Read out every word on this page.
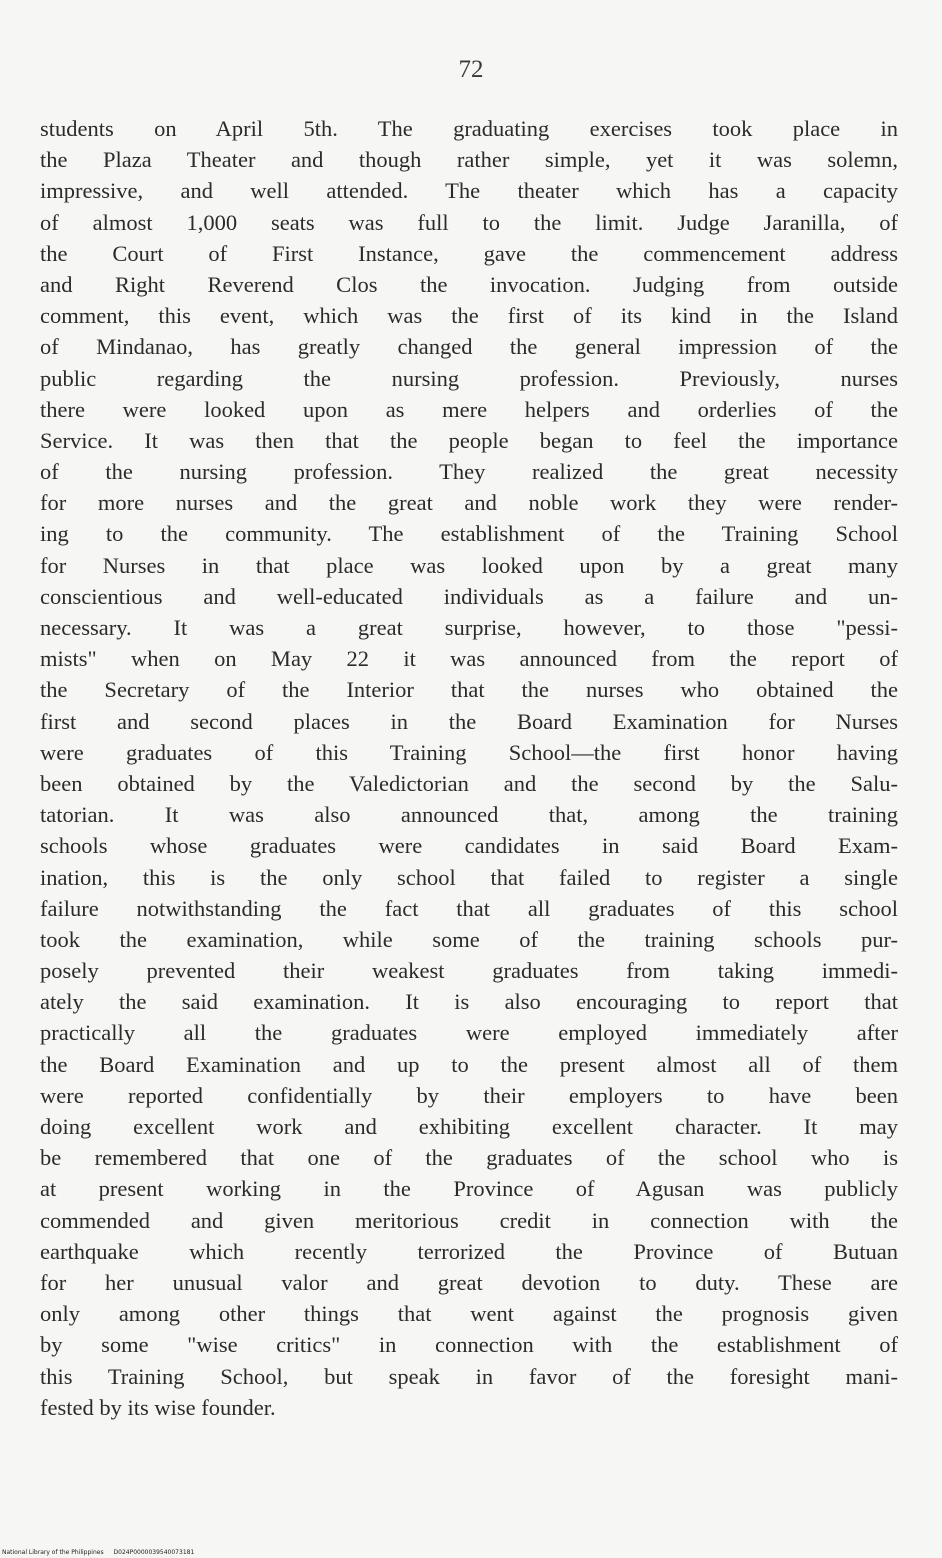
72
students on April 5th. The graduating exercises took place in
the Plaza Theater and though rather simple, yet it was solemn,
impressive, and well attended. The theater which has a capacity
of almost 1,000 seats was full to the limit. Judge Jaranilla, of
the Court of First Instance, gave the commencement address
and Right Reverend Clos the invocation. Judging from outside
comment, this event, which was the first of its kind in the Island
of Mindanao, has greatly changed the general impression of the
public regarding the nursing profession. Previously, nurses
there were looked upon as mere helpers and orderlies of the
Service. It was then that the people began to feel the importance
of the nursing profession. They realized the great necessity
for more nurses and the great and noble work they were render-
ing to the community. The establishment of the Training School
for Nurses in that place was looked upon by a great many
conscientious and well-educated individuals as a failure and un-
necessary. It was a great surprise, however, to those "pessi-
mists" when on May 22 it was announced from the report of
the Secretary of the Interior that the nurses who obtained the
first and second places in the Board Examination for Nurses
were graduates of this Training School—the first honor having
been obtained by the Valedictorian and the second by the Salu-
tatorian. It was also announced that, among the training
schools whose graduates were candidates in said Board Exam-
ination, this is the only school that failed to register a single
failure notwithstanding the fact that all graduates of this school
took the examination, while some of the training schools pur-
posely prevented their weakest graduates from taking immedi-
ately the said examination. It is also encouraging to report that
practically all the graduates were employed immediately after
the Board Examination and up to the present almost all of them
were reported confidentially by their employers to have been
doing excellent work and exhibiting excellent character. It may
be remembered that one of the graduates of the school who is
at present working in the Province of Agusan was publicly
commended and given meritorious credit in connection with the
earthquake which recently terrorized the Province of Butuan
for her unusual valor and great devotion to duty. These are
only among other things that went against the prognosis given
by some "wise critics" in connection with the establishment of
this Training School, but speak in favor of the foresight mani-
fested by its wise founder.
National Library of the Philippines D024P0000039540073181
